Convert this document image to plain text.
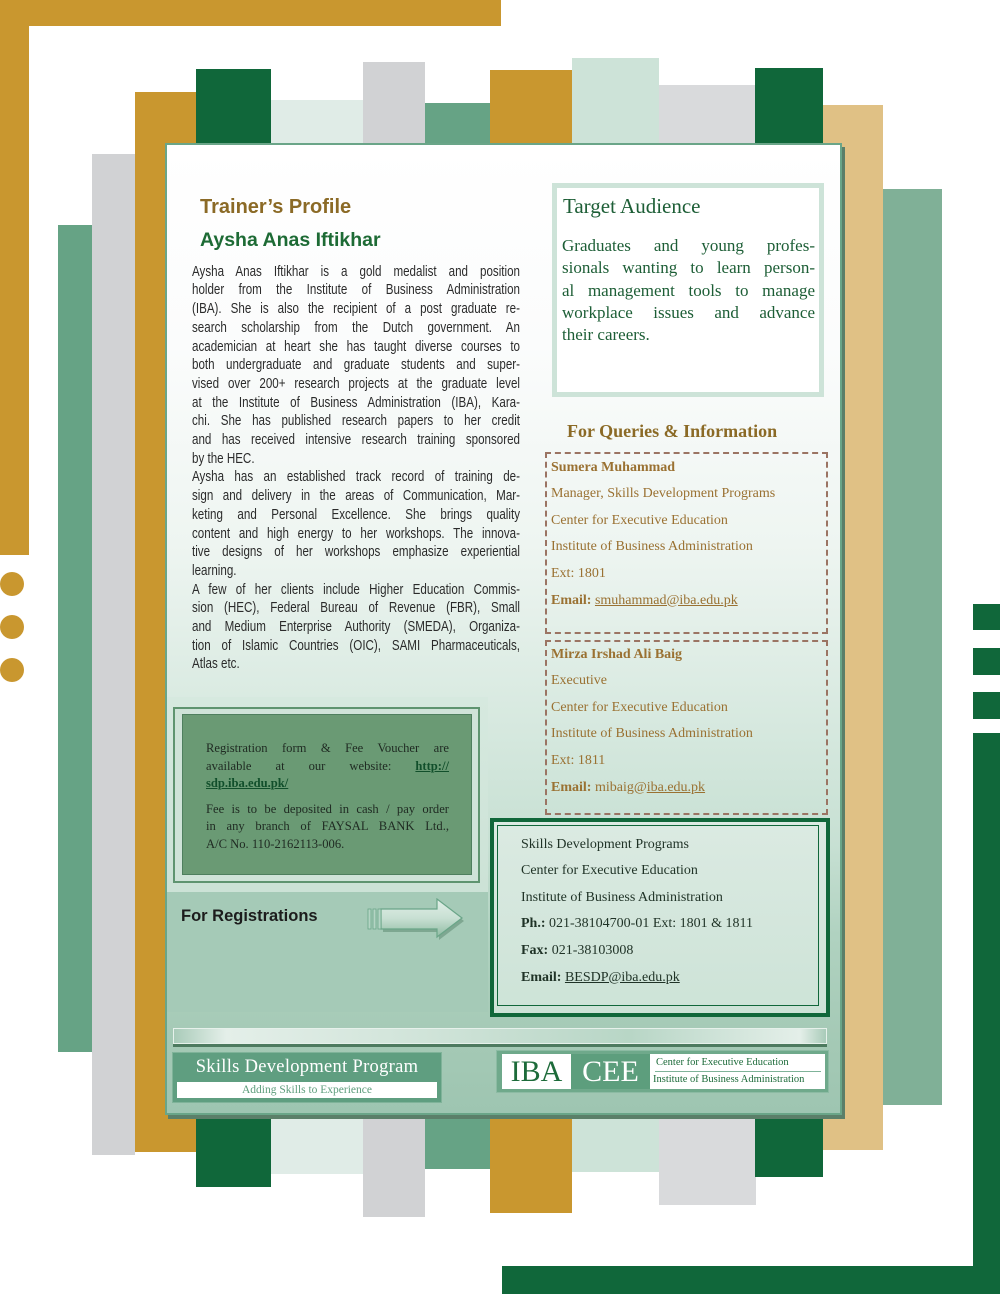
Trainer’s Profile
Aysha Anas Iftikhar
Aysha Anas Iftikhar is a gold medalist and position
holder from the Institute of Business Administration
(IBA). She is also the recipient of a post graduate re-
search scholarship from the Dutch government. An
academician at heart she has taught diverse courses to
both undergraduate and graduate students and super-
vised over 200+ research projects at the graduate level
at the Institute of Business Administration (IBA), Kara-
chi. She has published research papers to her credit
and has received intensive research training sponsored
by the HEC.
Aysha has an established track record of training de-
sign and delivery in the areas of Communication, Mar-
keting and Personal Excellence. She brings quality
content and high energy to her workshops. The innova-
tive designs of her workshops emphasize experiential
learning.
A few of her clients include Higher Education Commis-
sion (HEC), Federal Bureau of Revenue (FBR), Small
and Medium Enterprise Authority (SMEDA), Organiza-
tion of Islamic Countries (OIC), SAMI Pharmaceuticals,
Atlas etc.
Target Audience
Graduates and young profes-
sionals wanting to learn person-
al management tools to manage
workplace issues and advance
their careers.
For Queries & Information
Sumera Muhammad
Manager, Skills Development Programs
Center for Executive Education
Institute of Business Administration
Ext: 1801
Email: smuhammad@iba.edu.pk
Mirza Irshad Ali Baig
Executive
Center for Executive Education
Institute of Business Administration
Ext: 1811
Email: mibaig@iba.edu.pk
Registration form & Fee Voucher are
available at our website: http://
sdp.iba.edu.pk/
Fee is to be deposited in cash / pay order
in any branch of FAYSAL BANK Ltd.,
A/C No. 110-2162113-006.
For Registrations
Skills Development Programs
Center for Executive Education
Institute of Business Administration
Ph.: 021-38104700-01 Ext: 1801 & 1811
Fax: 021-38103008
Email: BESDP@iba.edu.pk
Skills Development Program
Adding Skills to Experience
IBA CEE	Center for Executive Education
Institute of Business Administration
